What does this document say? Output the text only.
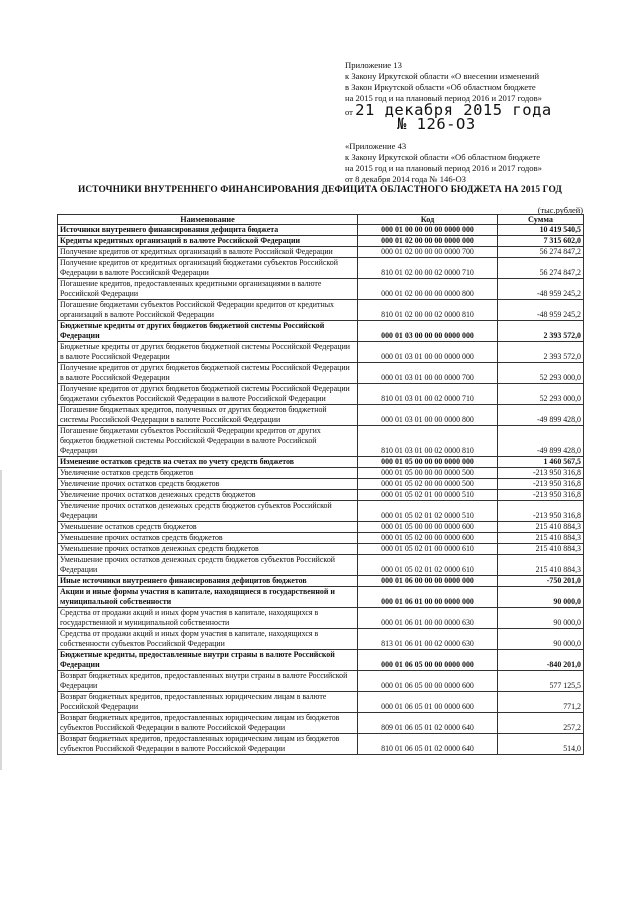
Приложение 13
к Закону Иркутской области «О внесении изменений
в Закон Иркутской области «Об областном бюджете
на 2015 год и на плановый период 2016 и 2017 годов»
от 21 декабря 2015 года
№ 126-ОЗ
«Приложение 43
к Закону Иркутской области «Об областном бюджете
на 2015 год и на плановый период 2016 и 2017 годов»
от 8 декабря 2014 года № 146-ОЗ
ИСТОЧНИКИ ВНУТРЕННЕГО ФИНАНСИРОВАНИЯ ДЕФИЦИТА ОБЛАСТНОГО БЮДЖЕТА НА 2015 ГОД
(тыс.рублей)
Наименование	Код	Сумма
Источники внутреннего финансирования дефицита бюджета	000 01 00 00 00 00 0000 000	10 419 540,5
Кредиты кредитных организаций в валюте Российской Федерации	000 01 02 00 00 00 0000 000	7 315 602,0
Получение кредитов от кредитных организаций в валюте Российской Федерации	000 01 02 00 00 00 0000 700	56 274 847,2
Получение кредитов от кредитных организаций бюджетами субъектов Российской Федерации в валюте Российской Федерации	810 01 02 00 00 02 0000 710	56 274 847,2
Погашение кредитов, предоставленных кредитными организациями в валюте Российской Федерации	000 01 02 00 00 00 0000 800	-48 959 245,2
Погашение бюджетами субъектов Российской Федерации кредитов от кредитных организаций в валюте Российской Федерации	810 01 02 00 00 02 0000 810	-48 959 245,2
Бюджетные кредиты от других бюджетов бюджетной системы Российской Федерации	000 01 03 00 00 00 0000 000	2 393 572,0
Бюджетные кредиты от других бюджетов бюджетной системы Российской Федерации в валюте Российской Федерации	000 01 03 01 00 00 0000 000	2 393 572,0
Получение кредитов от других бюджетов бюджетной системы Российской Федерации в валюте Российской Федерации	000 01 03 01 00 00 0000 700	52 293 000,0
Получение кредитов от других бюджетов бюджетной системы Российской Федерации бюджетами субъектов Российской Федерации в валюте Российской Федерации	810 01 03 01 00 02 0000 710	52 293 000,0
Погашение бюджетных кредитов, полученных от других бюджетов бюджетной системы Российской Федерации в валюте Российской Федерации	000 01 03 01 00 00 0000 800	-49 899 428,0
Погашение бюджетами субъектов Российской Федерации кредитов от других бюджетов бюджетной системы Российской Федерации в валюте Российской Федерации	810 01 03 01 00 02 0000 810	-49 899 428,0
Изменение остатков средств на счетах по учету средств бюджетов	000 01 05 00 00 00 0000 000	1 460 567,5
Увеличение остатков средств бюджетов	000 01 05 00 00 00 0000 500	-213 950 316,8
Увеличение прочих остатков средств бюджетов	000 01 05 02 00 00 0000 500	-213 950 316,8
Увеличение прочих остатков денежных средств бюджетов	000 01 05 02 01 00 0000 510	-213 950 316,8
Увеличение прочих остатков денежных средств бюджетов субъектов Российской Федерации	000 01 05 02 01 02 0000 510	-213 950 316,8
Уменьшение остатков средств бюджетов	000 01 05 00 00 00 0000 600	215 410 884,3
Уменьшение прочих остатков средств бюджетов	000 01 05 02 00 00 0000 600	215 410 884,3
Уменьшение прочих остатков денежных средств бюджетов	000 01 05 02 01 00 0000 610	215 410 884,3
Уменьшение прочих остатков денежных средств бюджетов субъектов Российской Федерации	000 01 05 02 01 02 0000 610	215 410 884,3
Иные источники внутреннего финансирования дефицитов бюджетов	000 01 06 00 00 00 0000 000	-750 201,0
Акции и иные формы участия в капитале, находящиеся в государственной и муниципальной собственности	000 01 06 01 00 00 0000 000	90 000,0
Средства от продажи акций и иных форм участия в капитале, находящихся в государственной и муниципальной собственности	000 01 06 01 00 00 0000 630	90 000,0
Средства от продажи акций и иных форм участия в капитале, находящихся в собственности субъектов Российской Федерации	813 01 06 01 00 02 0000 630	90 000,0
Бюджетные кредиты, предоставленные внутри страны в валюте Российской Федерации	000 01 06 05 00 00 0000 000	-840 201,0
Возврат бюджетных кредитов, предоставленных внутри страны в валюте Российской Федерации	000 01 06 05 00 00 0000 600	577 125,5
Возврат бюджетных кредитов, предоставленных юридическим лицам в валюте Российской Федерации	000 01 06 05 01 00 0000 600	771,2
Возврат бюджетных кредитов, предоставленных юридическим лицам из бюджетов субъектов Российской Федерации в валюте Российской Федерации	809 01 06 05 01 02 0000 640	257,2
Возврат бюджетных кредитов, предоставленных юридическим лицам из бюджетов субъектов Российской Федерации в валюте Российской Федерации	810 01 06 05 01 02 0000 640	514,0
